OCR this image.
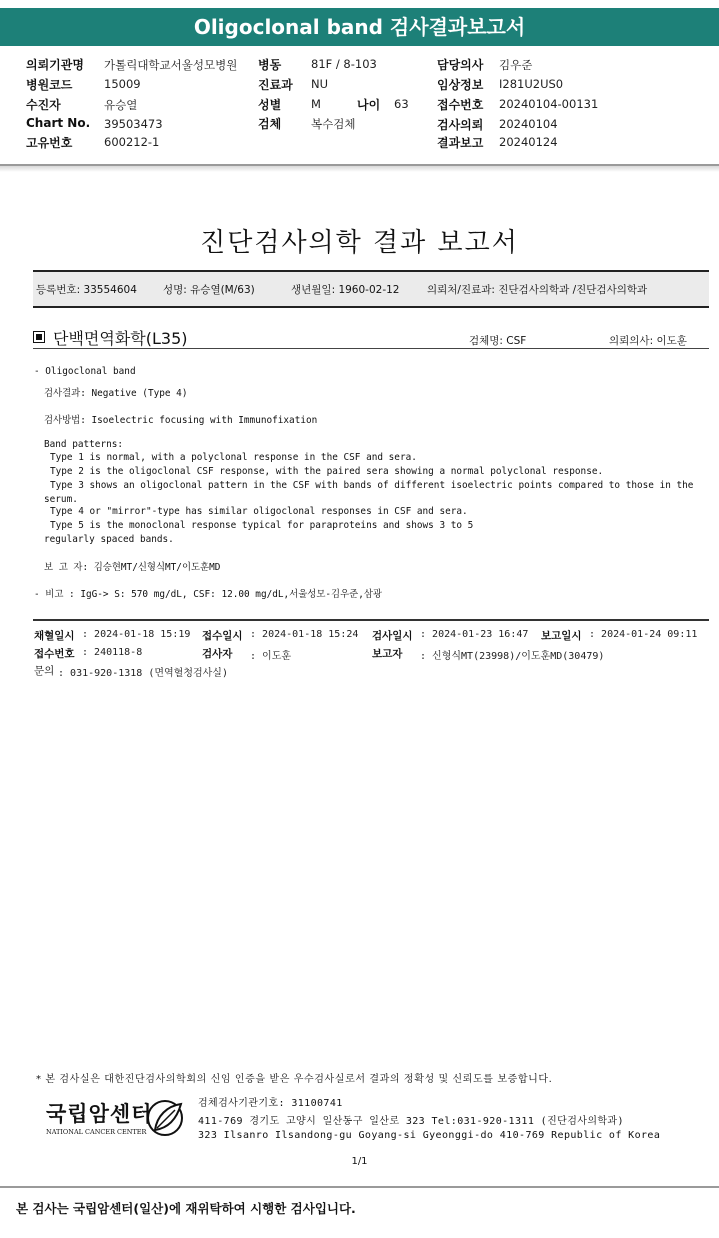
Oligoclonal band 검사결과보고서
의뢰기관명 가톨릭대학교서울성모병원
병원코드	15009
수진자	유승열
Chart No. 39503473
고유번호	600212-1
병동	81F / 8-103
진료과 NU
성별	M	나이 63
검체	복수검체
담당의사 김우준
임상정보 I281U2US0
접수번호 20240104-00131
검사의뢰 20240104
결과보고 20240124
진단검사의학 결과 보고서
등록번호: 33554604 성명: 유승열(M/63)	생년월일: 1960-02-12	의뢰처/진료과: 진단검사의학과 /진단검사의학과
단백면역화학(L35)	검체명: CSF	의뢰의사: 이도훈
- Oligoclonal band
검사결과: Negative (Type 4)
검사방법: Isoelectric focusing with Immunofixation
Band patterns:
Type 1 is normal, with a polyclonal response in the CSF and sera.
Type 2 is the oligoclonal CSF response, with the paired sera showing a normal polyclonal response.
Type 3 shows an oligoclonal pattern in the CSF with bands of different isoelectric points compared to those in the serum.
Type 4 or "mirror"-type has similar oligoclonal responses in CSF and sera.
Type 5 is the monoclonal response typical for paraproteins and shows 3 to 5 regularly spaced bands.
보 고 자: 김승현MT/신형식MT/이도훈MD
- 비고 : IgG-> S: 570 mg/dL, CSF: 12.00 mg/dL,서울성모-김우준,삼광
채혈일시 : 2024-01-18 15:19 접수일시 : 2024-01-18 15:24 검사일시 : 2024-01-23 16:47 보고일시 : 2024-01-24 09:11
접수번호 : 240118-8	검사자 : 이도훈	보고자 : 신형식MT(23998)/이도훈MD(30479)
문의 : 031-920-1318 (면역혈청검사실)
* 본 검사실은 대한진단검사의학회의 신임 인증을 받은 우수검사실로서 결과의 정확성 및 신뢰도를 보증합니다.
국립암센터
NATIONAL CANCER CENTER
검체검사기관기호: 31100741
411-769 경기도 고양시 일산동구 일산로 323 Tel:031-920-1311 (진단검사의학과)
323 Ilsanro Ilsandong-gu Goyang-si Gyeonggi-do 410-769 Republic of Korea
1/1
본 검사는 국립암센터(일산)에 재위탁하여 시행한 검사입니다.
